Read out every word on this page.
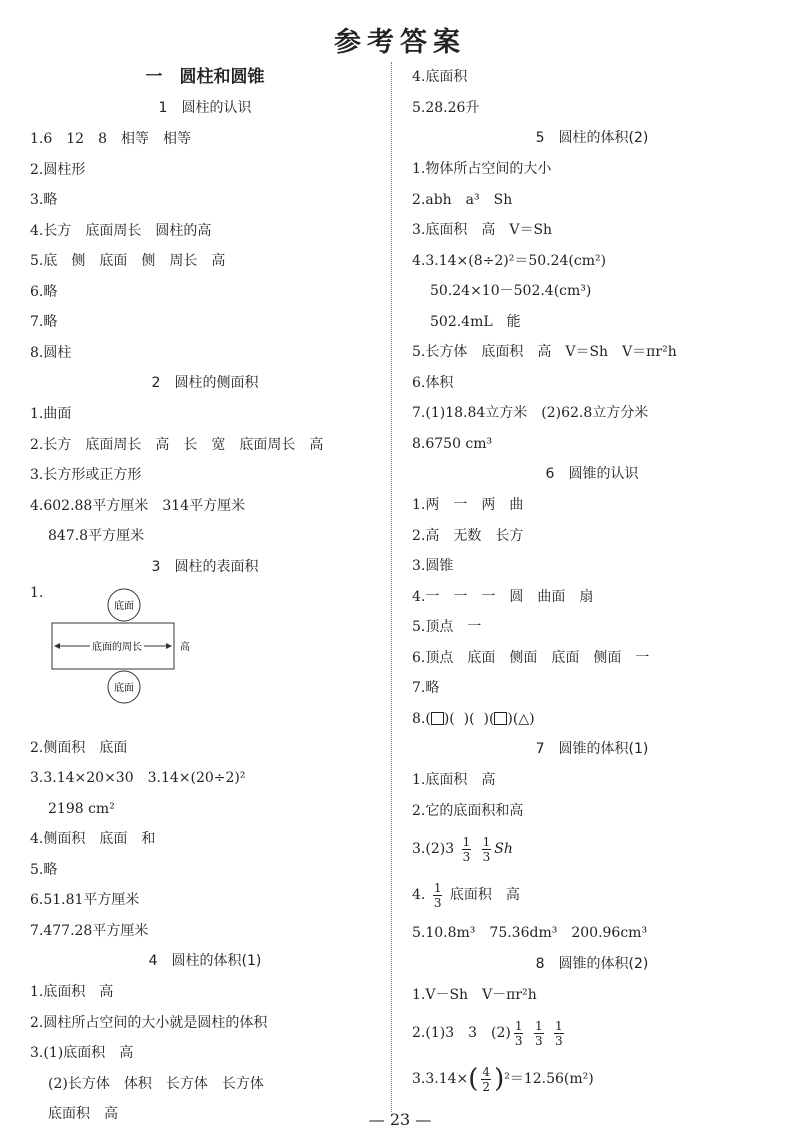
参考答案
一　圆柱和圆锥
1　圆柱的认识
1.6　12　8　相等　相等
2.圆柱形
3.略
4.长方　底面周长　圆柱的高
5.底　侧　底面　侧　周长　高
6.略
7.略
8.圆柱
2　圆柱的侧面积
1.曲面
2.长方　底面周长　高　长　宽　底面周长　高
3.长方形或正方形
4.602.88平方厘米　314平方厘米
847.8平方厘米
3　圆柱的表面积
1.
底面
底面的周长	高
底面
2.侧面积　底面
3.3.14×20×30　3.14×(20÷2)²
2198 cm²
4.侧面积　底面　和
5.略
6.51.81平方厘米
7.477.28平方厘米
4　圆柱的体积(1)
1.底面积　高
2.圆柱所占空间的大小就是圆柱的体积
3.(1)底面积　高
(2)长方体　体积　长方体　长方体
底面积　高
4.底面积
5.28.26升
5　圆柱的体积(2)
1.物体所占空间的大小
2.abh　a³　Sh
3.底面积　高　V＝Sh
4.3.14×(8÷2)²＝50.24(cm²)
50.24×10－502.4(cm³)
502.4mL　能
5.长方体　底面积　高　V＝Sh　V＝πr²h
6.体积
7.(1)18.84立方米　(2)62.8立方分米
8.6750 cm³
6　圆锥的认识
1.两　一　两　曲
2.高　无数　长方
3.圆锥
4.一　一　一　圆　曲面　扇
5.顶点　一
6.顶点　底面　侧面　底面　侧面　一
7.略
8.( )(  )(  )( )(△)
7　圆锥的体积(1)
1.底面积　高
2.它的底面积和高
$3.(2)3 \frac{1}{3}$
$\frac{1}{3}$ Sh
4. $\frac{1}{3}$ 底面积　高
5.10.8m³　75.36dm³　200.96cm³
8　圆锥的体积(2)
1.V－Sh　V－πr²h
2.(1)3　3　$(2) \frac{1}{3}$
$\frac{1}{3}$
$\frac{1}{3}$
$3.3.14\times( \frac{4}{2} )^2=12.56(m^2)$
— 23 —
